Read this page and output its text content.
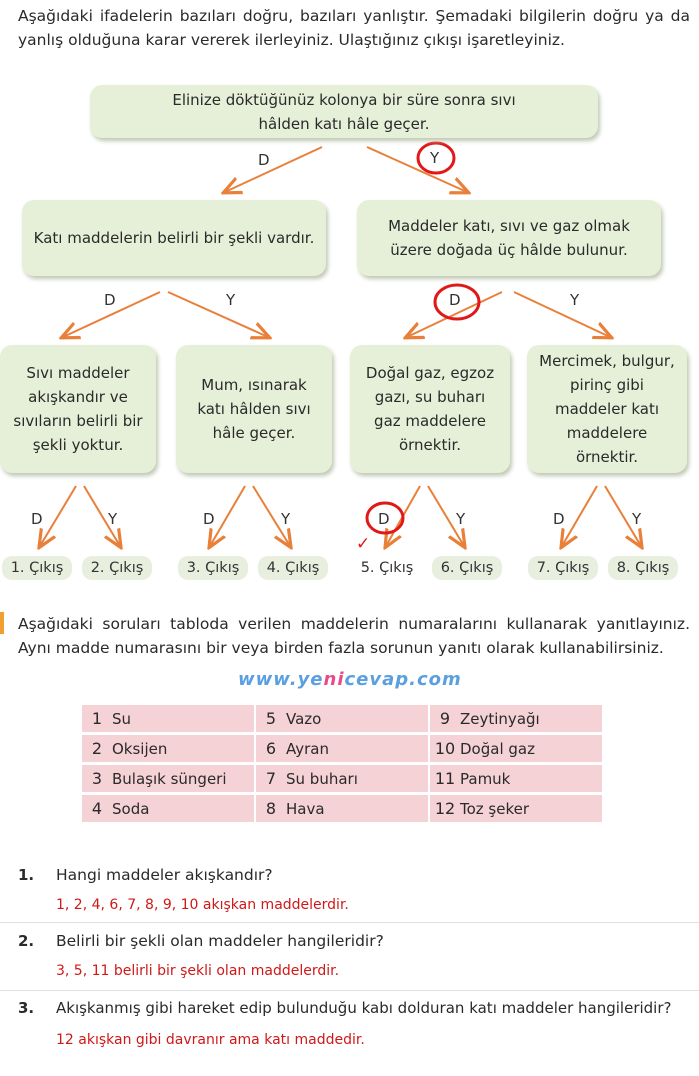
Aşağıdaki ifadelerin bazıları doğru, bazıları yanlıştır. Şemadaki bilgilerin doğru ya da yanlış olduğuna karar vererek ilerleyiniz. Ulaştığınız çıkışı işaretleyiniz.
Elinize döktüğünüz kolonya bir süre sonra sıvı hâlden katı hâle geçer.
D	Y
Katı maddelerin belirli bir şekli vardır.
Maddeler katı, sıvı ve gaz olmak üzere doğada üç hâlde bulunur.
D	Y	D	Y
Sıvı maddeler akışkandır ve sıvıların belirli bir şekli yoktur.
Mum, ısınarak katı hâlden sıvı hâle geçer.
Doğal gaz, egzoz gazı, su buharı gaz maddelere örnektir.
Mercimek, bulgur, pirinç gibi maddeler katı maddelere örnektir.
D	Y	D	Y	D	Y	D	Y
✓
1. Çıkış	2. Çıkış	3. Çıkış	4. Çıkış	5. Çıkış	6. Çıkış	7. Çıkış	8. Çıkış
Aşağıdaki soruları tabloda verilen maddelerin numaralarını kullanarak yanıtlayınız. Aynı madde numarasını bir veya birden fazla sorunun yanıtı olarak kullanabilirsiniz.
www.yenicevap.com
1 Su	5 Vazo	9 Zeytinyağı
2 Oksijen	6 Ayran	10 Doğal gaz
3 Bulaşık süngeri	7 Su buharı	11 Pamuk
4 Soda	8 Hava	12 Toz şeker
1. Hangi maddeler akışkandır?
1, 2, 4, 6, 7, 8, 9, 10 akışkan maddelerdir.
2. Belirli bir şekli olan maddeler hangileridir?
3, 5, 11 belirli bir şekli olan maddelerdir.
3. Akışkanmış gibi hareket edip bulunduğu kabı dolduran katı maddeler hangileridir?
12 akışkan gibi davranır ama katı maddedir.
